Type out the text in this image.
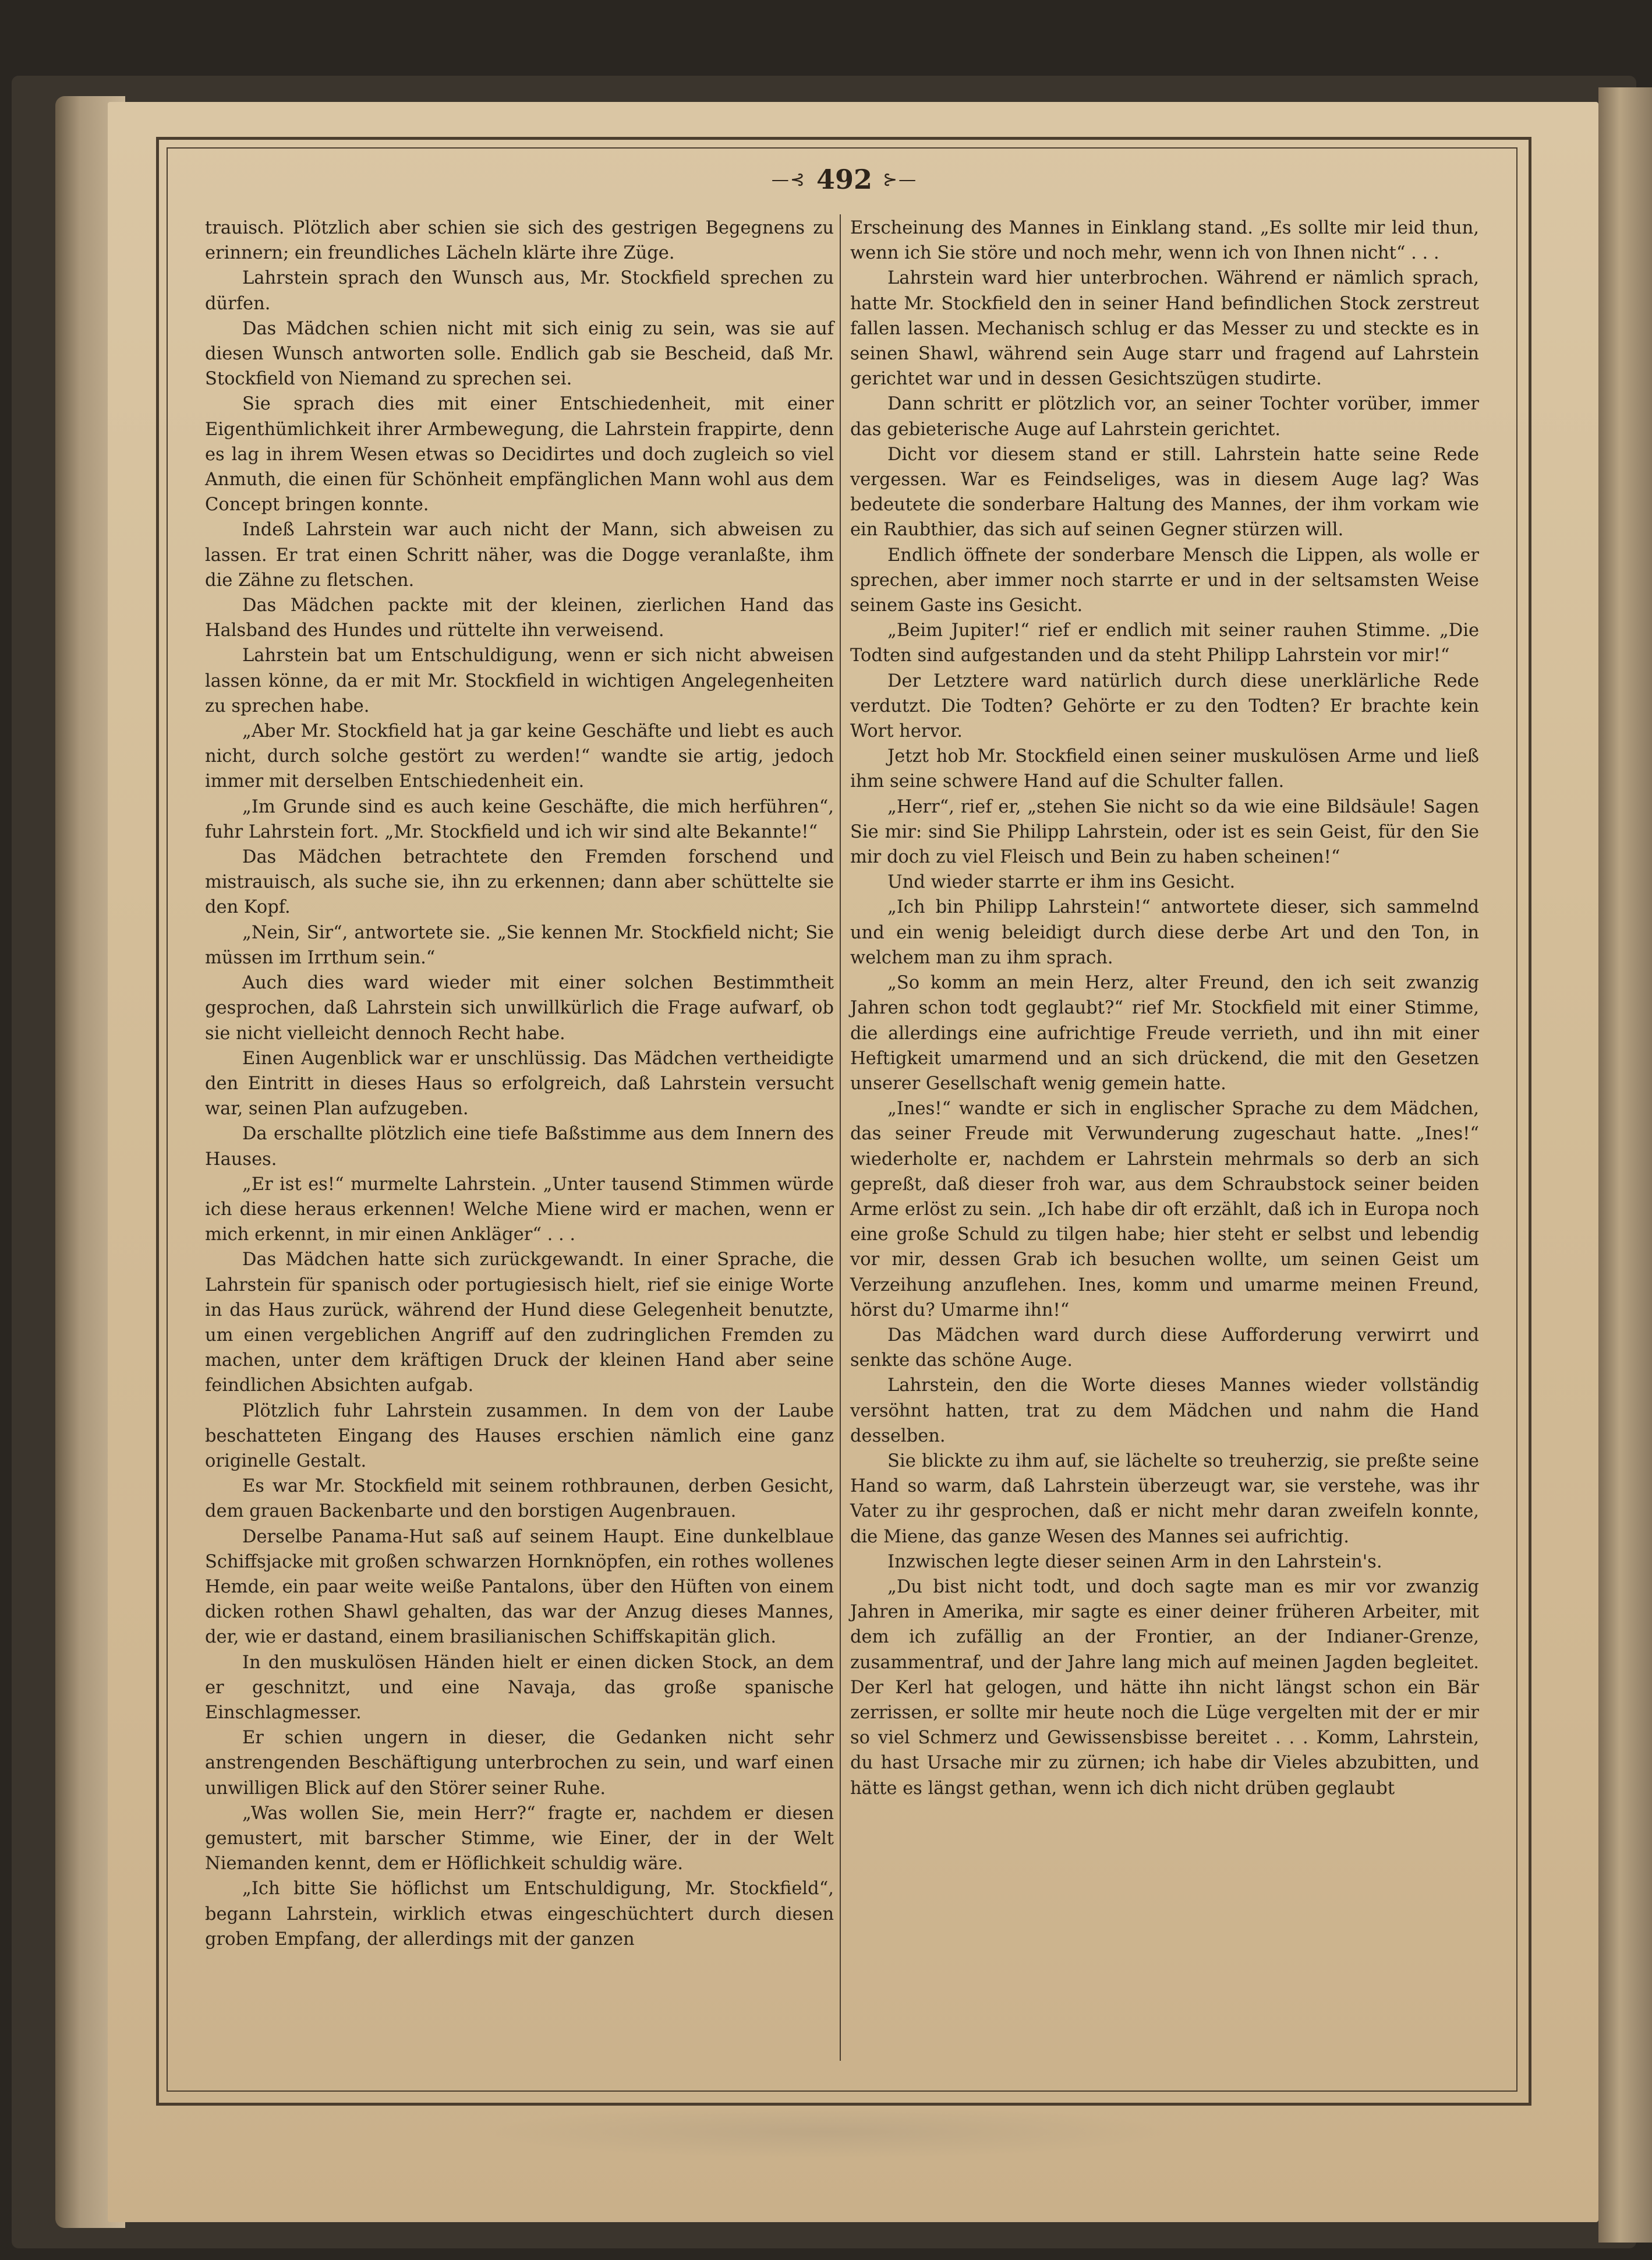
—⊰ 492 ⊱—

trauisch. Plötzlich aber schien sie sich des gestrigen Begegnens zu erinnern; ein freundliches Lächeln klärte ihre Züge.

Lahrstein sprach den Wunsch aus, Mr. Stockfield sprechen zu dürfen.

Das Mädchen schien nicht mit sich einig zu sein, was sie auf diesen Wunsch antworten solle. Endlich gab sie Bescheid, daß Mr. Stockfield von Niemand zu sprechen sei.

Sie sprach dies mit einer Entschiedenheit, mit einer Eigenthümlichkeit ihrer Armbewegung, die Lahrstein frappirte, denn es lag in ihrem Wesen etwas so Decidirtes und doch zugleich so viel Anmuth, die einen für Schönheit empfänglichen Mann wohl aus dem Concept bringen konnte.

Indeß Lahrstein war auch nicht der Mann, sich abweisen zu lassen. Er trat einen Schritt näher, was die Dogge veranlaßte, ihm die Zähne zu fletschen.

Das Mädchen packte mit der kleinen, zierlichen Hand das Halsband des Hundes und rüttelte ihn verweisend.

Lahrstein bat um Entschuldigung, wenn er sich nicht abweisen lassen könne, da er mit Mr. Stockfield in wichtigen Angelegenheiten zu sprechen habe.

„Aber Mr. Stockfield hat ja gar keine Geschäfte und liebt es auch nicht, durch solche gestört zu werden!“ wandte sie artig, jedoch immer mit derselben Entschiedenheit ein.

„Im Grunde sind es auch keine Geschäfte, die mich herführen“, fuhr Lahrstein fort. „Mr. Stockfield und ich wir sind alte Bekannte!“

Das Mädchen betrachtete den Fremden forschend und mistrauisch, als suche sie, ihn zu erkennen; dann aber schüttelte sie den Kopf.

„Nein, Sir“, antwortete sie. „Sie kennen Mr. Stockfield nicht; Sie müssen im Irrthum sein.“

Auch dies ward wieder mit einer solchen Bestimmtheit gesprochen, daß Lahrstein sich unwillkürlich die Frage aufwarf, ob sie nicht vielleicht dennoch Recht habe.

Einen Augenblick war er unschlüssig. Das Mädchen vertheidigte den Eintritt in dieses Haus so erfolgreich, daß Lahrstein versucht war, seinen Plan aufzugeben.

Da erschallte plötzlich eine tiefe Baßstimme aus dem Innern des Hauses.

„Er ist es!“ murmelte Lahrstein. „Unter tausend Stimmen würde ich diese heraus erkennen! Welche Miene wird er machen, wenn er mich erkennt, in mir einen Ankläger“ . . .

Das Mädchen hatte sich zurückgewandt. In einer Sprache, die Lahrstein für spanisch oder portugiesisch hielt, rief sie einige Worte in das Haus zurück, während der Hund diese Gelegenheit benutzte, um einen vergeblichen Angriff auf den zudringlichen Fremden zu machen, unter dem kräftigen Druck der kleinen Hand aber seine feindlichen Absichten aufgab.

Plötzlich fuhr Lahrstein zusammen. In dem von der Laube beschatteten Eingang des Hauses erschien nämlich eine ganz originelle Gestalt.

Es war Mr. Stockfield mit seinem rothbraunen, derben Gesicht, dem grauen Backenbarte und den borstigen Augenbrauen.

Derselbe Panama-Hut saß auf seinem Haupt. Eine dunkelblaue Schiffsjacke mit großen schwarzen Hornknöpfen, ein rothes wollenes Hemde, ein paar weite weiße Pantalons, über den Hüften von einem dicken rothen Shawl gehalten, das war der Anzug dieses Mannes, der, wie er dastand, einem brasilianischen Schiffskapitän glich.

In den muskulösen Händen hielt er einen dicken Stock, an dem er geschnitzt, und eine Navaja, das große spanische Einschlagmesser.

Er schien ungern in dieser, die Gedanken nicht sehr anstrengenden Beschäftigung unterbrochen zu sein, und warf einen unwilligen Blick auf den Störer seiner Ruhe.

„Was wollen Sie, mein Herr?“ fragte er, nachdem er diesen gemustert, mit barscher Stimme, wie Einer, der in der Welt Niemanden kennt, dem er Höflichkeit schuldig wäre.

„Ich bitte Sie höflichst um Entschuldigung, Mr. Stockfield“, begann Lahrstein, wirklich etwas eingeschüchtert durch diesen groben Empfang, der allerdings mit der ganzen

Erscheinung des Mannes in Einklang stand. „Es sollte mir leid thun, wenn ich Sie störe und noch mehr, wenn ich von Ihnen nicht“ . . .

Lahrstein ward hier unterbrochen. Während er nämlich sprach, hatte Mr. Stockfield den in seiner Hand befindlichen Stock zerstreut fallen lassen. Mechanisch schlug er das Messer zu und steckte es in seinen Shawl, während sein Auge starr und fragend auf Lahrstein gerichtet war und in dessen Gesichtszügen studirte.

Dann schritt er plötzlich vor, an seiner Tochter vorüber, immer das gebieterische Auge auf Lahrstein gerichtet.

Dicht vor diesem stand er still. Lahrstein hatte seine Rede vergessen. War es Feindseliges, was in diesem Auge lag? Was bedeutete die sonderbare Haltung des Mannes, der ihm vorkam wie ein Raubthier, das sich auf seinen Gegner stürzen will.

Endlich öffnete der sonderbare Mensch die Lippen, als wolle er sprechen, aber immer noch starrte er und in der seltsamsten Weise seinem Gaste ins Gesicht.

„Beim Jupiter!“ rief er endlich mit seiner rauhen Stimme. „Die Todten sind aufgestanden und da steht Philipp Lahrstein vor mir!“

Der Letztere ward natürlich durch diese unerklärliche Rede verdutzt. Die Todten? Gehörte er zu den Todten? Er brachte kein Wort hervor.

Jetzt hob Mr. Stockfield einen seiner muskulösen Arme und ließ ihm seine schwere Hand auf die Schulter fallen.

„Herr“, rief er, „stehen Sie nicht so da wie eine Bildsäule! Sagen Sie mir: sind Sie Philipp Lahrstein, oder ist es sein Geist, für den Sie mir doch zu viel Fleisch und Bein zu haben scheinen!“

Und wieder starrte er ihm ins Gesicht.

„Ich bin Philipp Lahrstein!“ antwortete dieser, sich sammelnd und ein wenig beleidigt durch diese derbe Art und den Ton, in welchem man zu ihm sprach.

„So komm an mein Herz, alter Freund, den ich seit zwanzig Jahren schon todt geglaubt?“ rief Mr. Stockfield mit einer Stimme, die allerdings eine aufrichtige Freude verrieth, und ihn mit einer Heftigkeit umarmend und an sich drückend, die mit den Gesetzen unserer Gesellschaft wenig gemein hatte.

„Ines!“ wandte er sich in englischer Sprache zu dem Mädchen, das seiner Freude mit Verwunderung zugeschaut hatte. „Ines!“ wiederholte er, nachdem er Lahrstein mehrmals so derb an sich gepreßt, daß dieser froh war, aus dem Schraubstock seiner beiden Arme erlöst zu sein. „Ich habe dir oft erzählt, daß ich in Europa noch eine große Schuld zu tilgen habe; hier steht er selbst und lebendig vor mir, dessen Grab ich besuchen wollte, um seinen Geist um Verzeihung anzuflehen. Ines, komm und umarme meinen Freund, hörst du? Umarme ihn!“

Das Mädchen ward durch diese Aufforderung verwirrt und senkte das schöne Auge.

Lahrstein, den die Worte dieses Mannes wieder vollständig versöhnt hatten, trat zu dem Mädchen und nahm die Hand desselben.

Sie blickte zu ihm auf, sie lächelte so treuherzig, sie preßte seine Hand so warm, daß Lahrstein überzeugt war, sie verstehe, was ihr Vater zu ihr gesprochen, daß er nicht mehr daran zweifeln konnte, die Miene, das ganze Wesen des Mannes sei aufrichtig.

Inzwischen legte dieser seinen Arm in den Lahrstein's.

„Du bist nicht todt, und doch sagte man es mir vor zwanzig Jahren in Amerika, mir sagte es einer deiner früheren Arbeiter, mit dem ich zufällig an der Frontier, an der Indianer-Grenze, zusammentraf, und der Jahre lang mich auf meinen Jagden begleitet. Der Kerl hat gelogen, und hätte ihn nicht längst schon ein Bär zerrissen, er sollte mir heute noch die Lüge vergelten mit der er mir so viel Schmerz und Gewissensbisse bereitet . . . Komm, Lahrstein, du hast Ursache mir zu zürnen; ich habe dir Vieles abzubitten, und hätte es längst gethan, wenn ich dich nicht drüben geglaubt
